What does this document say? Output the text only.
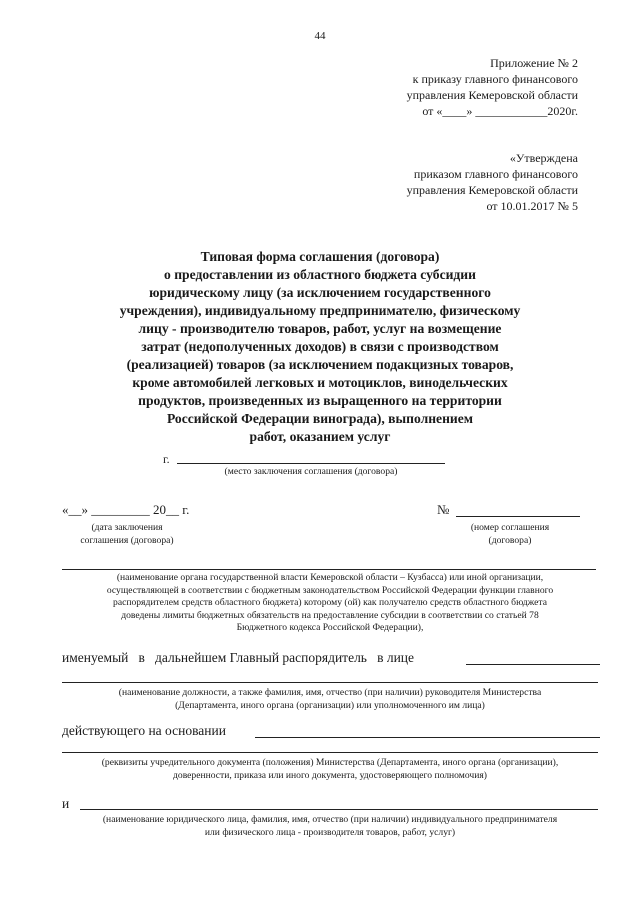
44
Приложение № 2
к приказу главного финансового
управления Кемеровской области
от «____» ____________2020г.
«Утверждена
приказом главного финансового
управления Кемеровской области
от 10.01.2017 № 5
Типовая форма соглашения (договора)
о предоставлении из областного бюджета субсидии
юридическому лицу (за исключением государственного
учреждения), индивидуальному предпринимателю, физическому
лицу - производителю товаров, работ, услуг на возмещение
затрат (недополученных доходов) в связи с производством
(реализацией) товаров (за исключением подакцизных товаров,
кроме автомобилей легковых и мотоциклов, винодельческих
продуктов, произведенных из выращенного на территории
Российской Федерации винограда), выполнением
работ, оказанием услуг
г.
(место заключения соглашения (договора)
«__» _________ 20__ г.
(дата заключения
соглашения (договора)
№
(номер соглашения
(договора)
(наименование органа государственной власти Кемеровской области – Кузбасса) или иной организации,
осуществляющей в соответствии с бюджетным законодательством Российской Федерации функции главного
распорядителем средств областного бюджета) которому (ой) как получателю средств областного бюджета
доведены лимиты бюджетных обязательств на предоставление субсидии в соответствии со статьей 78
Бюджетного кодекса Российской Федерации),
именуемый   в   дальнейшем Главный распорядитель   в лице
(наименование должности, а также фамилия, имя, отчество (при наличии) руководителя Министерства
(Департамента, иного органа (организации) или уполномоченного им лица)
действующего на основании
(реквизиты учредительного документа (положения) Министерства (Департамента, иного органа (организации),
доверенности, приказа или иного документа, удостоверяющего полномочия)
и
(наименование юридического лица, фамилия, имя, отчество (при наличии) индивидуального предпринимателя
или физического лица - производителя товаров, работ, услуг)
